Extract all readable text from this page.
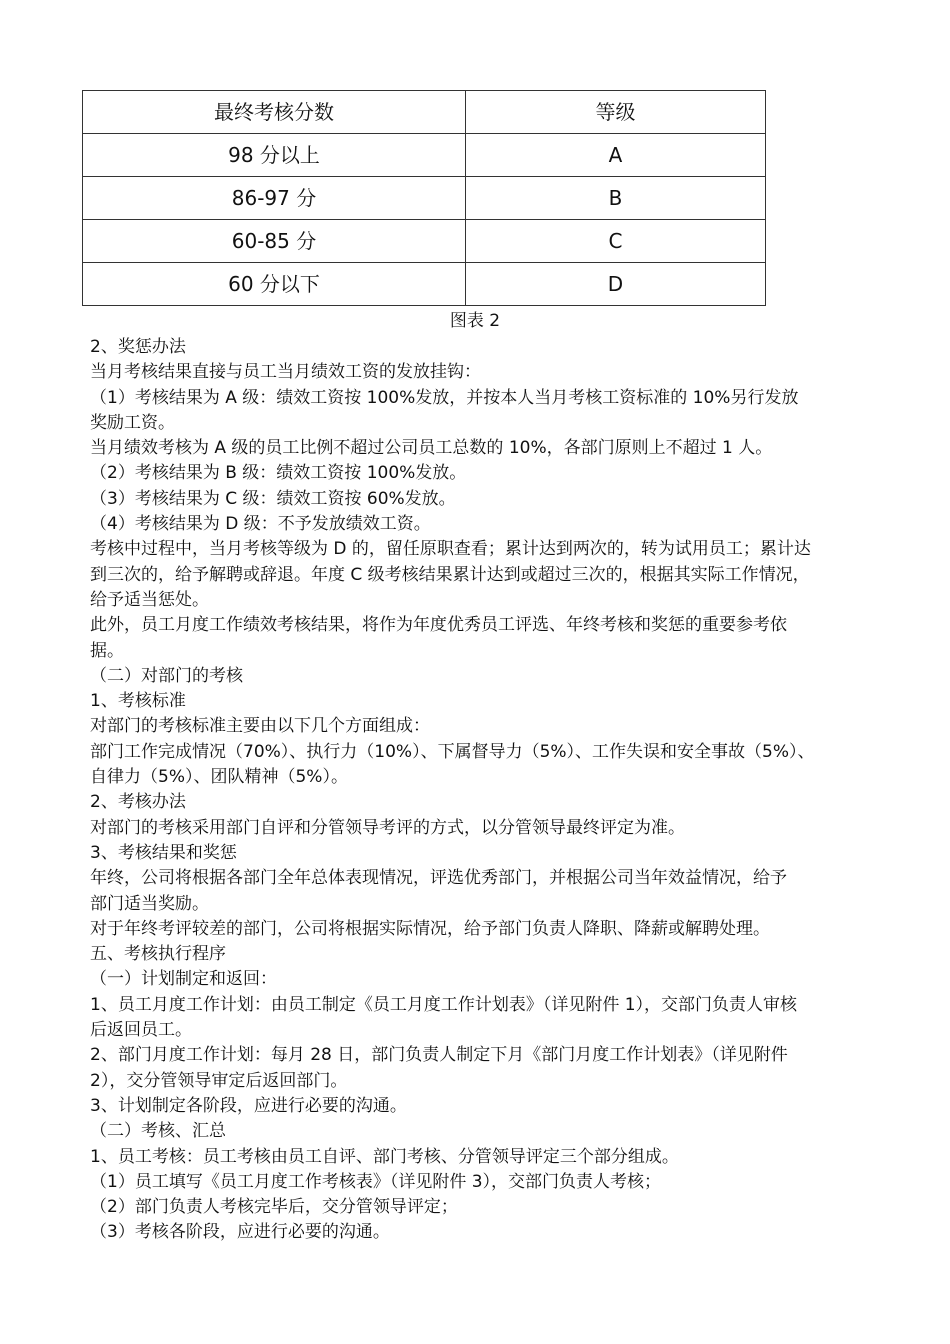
最终考核分数	等级
98 分以上	A
86-97 分	B
60-85 分	C
60 分以下	D
图表 2

2、奖惩办法

当月考核结果直接与员工当月绩效工资的发放挂钩：

（1）考核结果为 A 级：绩效工资按 100%发放，并按本人当月考核工资标准的 10%另行发放

奖励工资。

当月绩效考核为 A 级的员工比例不超过公司员工总数的 10%，各部门原则上不超过 1 人。

（2）考核结果为 B 级：绩效工资按 100%发放。

（3）考核结果为 C 级：绩效工资按 60%发放。

（4）考核结果为 D 级：不予发放绩效工资。

考核中过程中，当月考核等级为 D 的，留任原职查看；累计达到两次的，转为试用员工；累计达

到三次的，给予解聘或辞退。年度 C 级考核结果累计达到或超过三次的，根据其实际工作情况，

给予适当惩处。

此外，员工月度工作绩效考核结果，将作为年度优秀员工评选、年终考核和奖惩的重要参考依

据。

（二）对部门的考核

1、考核标准

对部门的考核标准主要由以下几个方面组成：

部门工作完成情况（70%）、执行力（10%）、下属督导力（5%）、工作失误和安全事故（5%）、

自律力（5%）、团队精神（5%）。

2、考核办法

对部门的考核采用部门自评和分管领导考评的方式，以分管领导最终评定为准。

3、考核结果和奖惩

年终，公司将根据各部门全年总体表现情况，评选优秀部门，并根据公司当年效益情况，给予

部门适当奖励。

对于年终考评较差的部门，公司将根据实际情况，给予部门负责人降职、降薪或解聘处理。

五、考核执行程序

（一）计划制定和返回：

1、员工月度工作计划：由员工制定《员工月度工作计划表》（详见附件 1），交部门负责人审核

后返回员工。

2、部门月度工作计划：每月 28 日，部门负责人制定下月《部门月度工作计划表》（详见附件

2），交分管领导审定后返回部门。

3、计划制定各阶段，应进行必要的沟通。

（二）考核、汇总

1、员工考核：员工考核由员工自评、部门考核、分管领导评定三个部分组成。

（1）员工填写《员工月度工作考核表》（详见附件 3），交部门负责人考核；

（2）部门负责人考核完毕后，交分管领导评定；

（3）考核各阶段，应进行必要的沟通。
